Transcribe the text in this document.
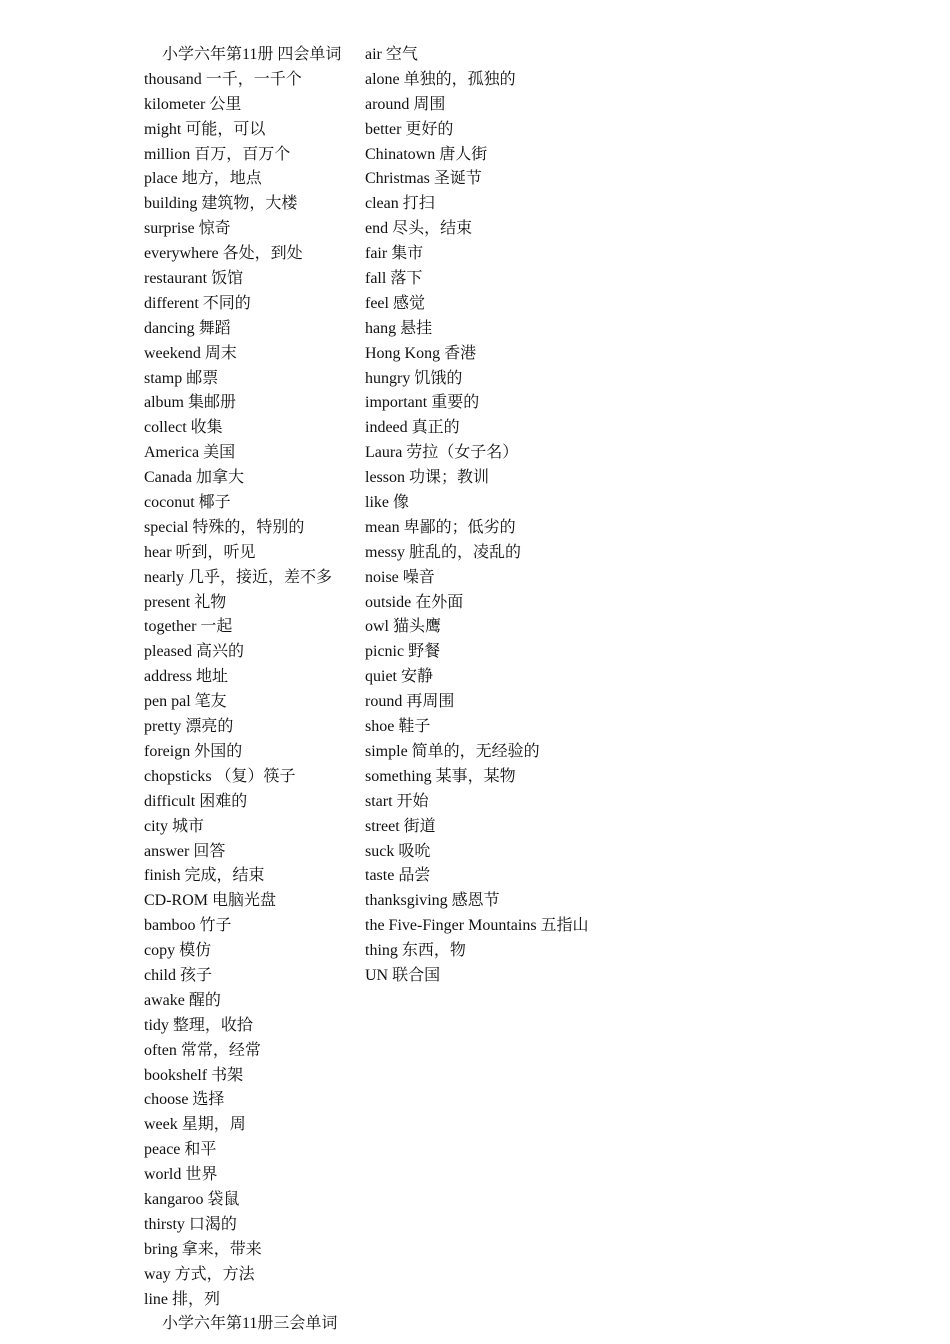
小学六年第11册 四会单词
thousand 一千，一千个
kilometer 公里
might 可能，可以
million 百万，百万个
place 地方，地点
building 建筑物，大楼
surprise 惊奇
everywhere 各处，到处
restaurant 饭馆
different 不同的
dancing 舞蹈
weekend 周末
stamp 邮票
album 集邮册
collect 收集
America 美国
Canada 加拿大
coconut 椰子
special 特殊的，特别的
hear 听到，听见
nearly 几乎，接近，差不多
present 礼物
together 一起
pleased 高兴的
address 地址
pen pal 笔友
pretty 漂亮的
foreign 外国的
chopsticks （复）筷子
difficult 困难的
city 城市
answer 回答
finish 完成，结束
CD-ROM 电脑光盘
bamboo 竹子
copy 模仿
child 孩子
awake 醒的
tidy 整理，收拾
often 常常，经常
bookshelf 书架
choose 选择
week 星期，周
peace 和平
world 世界
kangaroo 袋鼠
thirsty 口渴的
bring 拿来，带来
way 方式，方法
line 排，列
air 空气
alone 单独的，孤独的
around 周围
better 更好的
Chinatown 唐人街
Christmas 圣诞节
clean 打扫
end 尽头，结束
fair 集市
fall 落下
feel 感觉
hang 悬挂
Hong Kong 香港
hungry 饥饿的
important 重要的
indeed 真正的
Laura 劳拉（女子名）
lesson 功课；教训
like 像
mean 卑鄙的；低劣的
messy 脏乱的，凌乱的
noise 噪音
outside 在外面
owl 猫头鹰
picnic 野餐
quiet 安静
round 再周围
shoe 鞋子
simple 简单的，无经验的
something 某事，某物
start 开始
street 街道
suck 吸吮
taste 品尝
thanksgiving 感恩节
the Five-Finger Mountains 五指山
thing 东西，物
UN 联合国
小学六年第11册三会单词
